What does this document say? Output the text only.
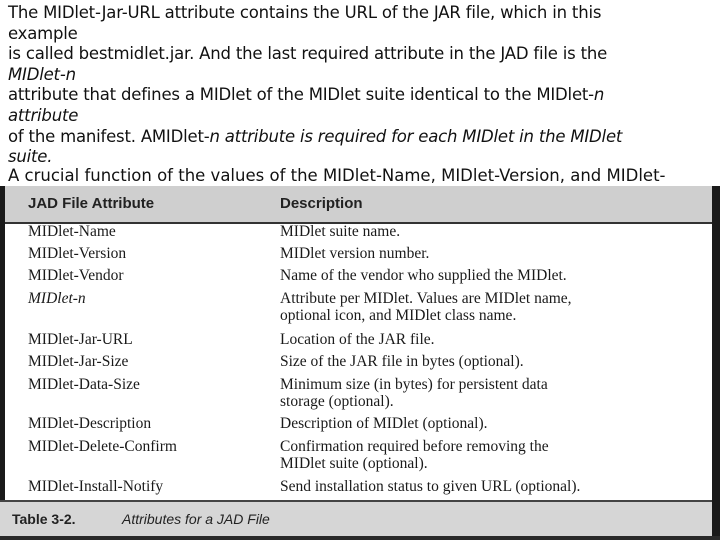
The MIDlet-Jar-URL attribute contains the URL of the JAR file, which in this

example

is called bestmidlet.jar. And the last required attribute in the JAD file is the

MIDlet-n

attribute that defines a MIDlet of the MIDlet suite identical to the MIDlet-n

attribute

of the manifest. AMIDlet-n attribute is required for each MIDlet in the MIDlet

suite.

A crucial function of the values of the MIDlet-Name, MIDlet-Version, and MIDlet-
JAD File Attribute	Description
MIDlet-Name	MIDlet suite name.
MIDlet-Version	MIDlet version number.
MIDlet-Vendor	Name of the vendor who supplied the MIDlet.
MIDlet-n	Attribute per MIDlet. Values are MIDlet name,
optional icon, and MIDlet class name.
MIDlet-Jar-URL	Location of the JAR file.
MIDlet-Jar-Size	Size of the JAR file in bytes (optional).
MIDlet-Data-Size	Minimum size (in bytes) for persistent data
storage (optional).
MIDlet-Description	Description of MIDlet (optional).
MIDlet-Delete-Confirm	Confirmation required before removing the
MIDlet suite (optional).
MIDlet-Install-Notify	Send installation status to given URL (optional).
Table 3-2.	Attributes for a JAD File
